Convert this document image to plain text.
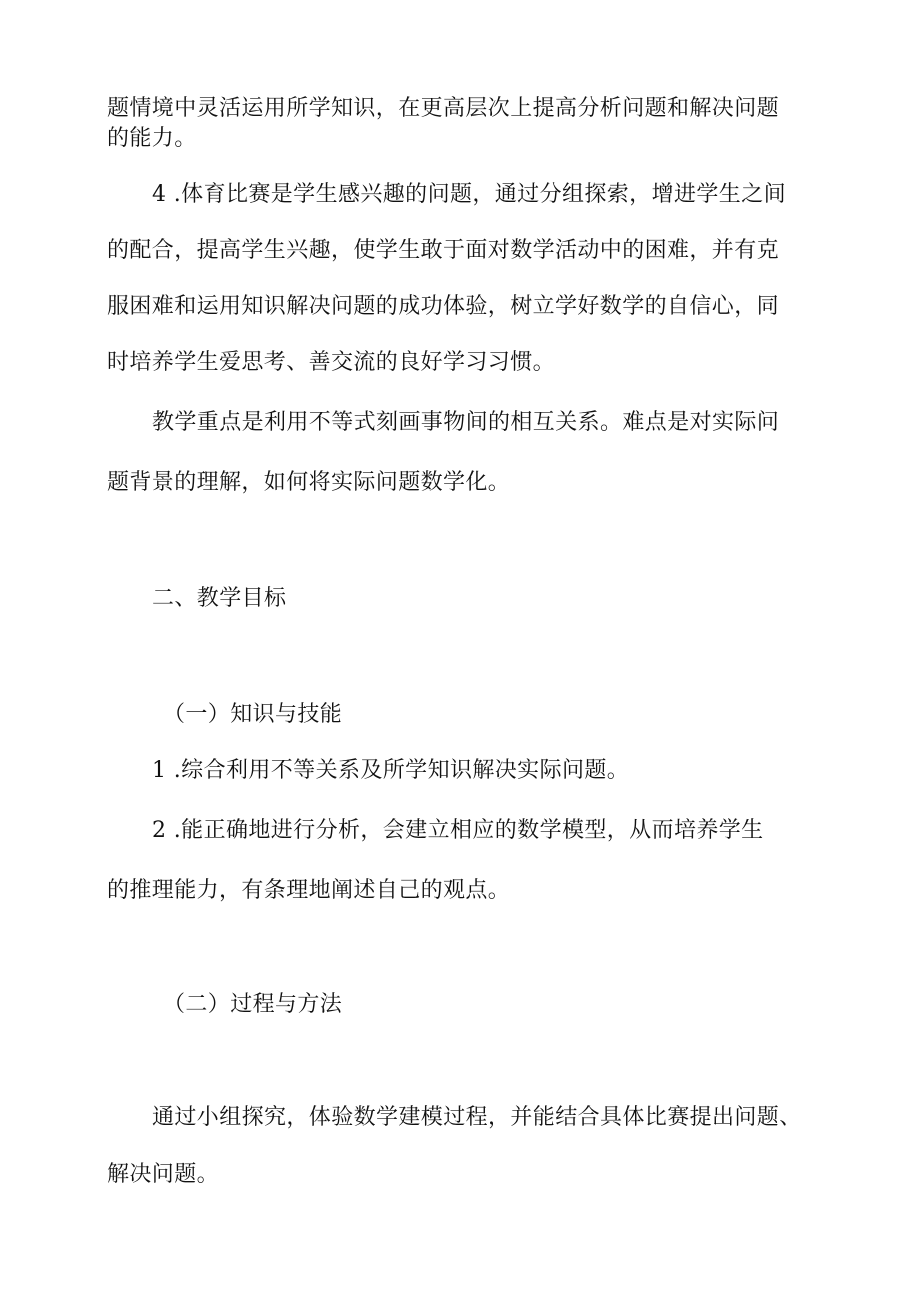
题情境中灵活运用所学知识，在更高层次上提高分析问题和解决问题
的能力。
4 .体育比赛是学生感兴趣的问题，通过分组探索，增进学生之间
的配合，提高学生兴趣，使学生敢于面对数学活动中的困难，并有克
服困难和运用知识解决问题的成功体验，树立学好数学的自信心，同
时培养学生爱思考、善交流的良好学习习惯。
教学重点是利用不等式刻画事物间的相互关系。难点是对实际问
题背景的理解，如何将实际问题数学化。
二、教学目标
（一）知识与技能
1 .综合利用不等关系及所学知识解决实际问题。
2 .能正确地进行分析，会建立相应的数学模型，从而培养学生
的推理能力，有条理地阐述自己的观点。
（二）过程与方法
通过小组探究，体验数学建模过程，并能结合具体比赛提出问题、
解决问题。
